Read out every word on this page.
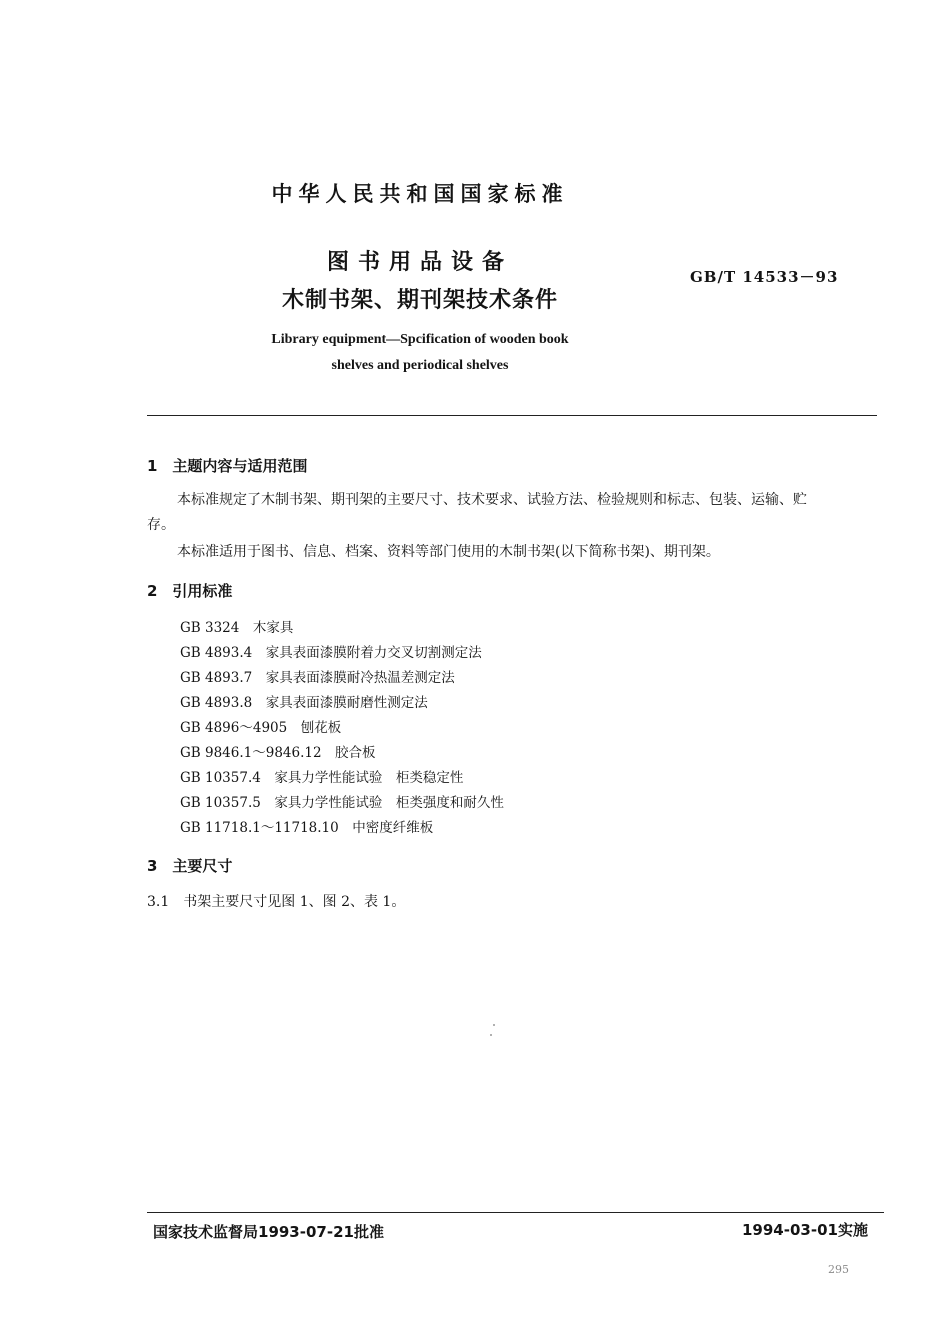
中华人民共和国国家标准
图书用品设备
木制书架、期刊架技术条件
GB/T 14533－93
Library equipment—Spcification of wooden book
shelves and periodical shelves
1　主题内容与适用范围
本标准规定了木制书架、期刊架的主要尺寸、技术要求、试验方法、检验规则和标志、包装、运输、贮
存。
本标准适用于图书、信息、档案、资料等部门使用的木制书架(以下简称书架)、期刊架。
2　引用标准
GB 3324　木家具
GB 4893.4　家具表面漆膜附着力交叉切割测定法
GB 4893.7　家具表面漆膜耐冷热温差测定法
GB 4893.8　家具表面漆膜耐磨性测定法
GB 4896～4905　刨花板
GB 9846.1～9846.12　胶合板
GB 10357.4　家具力学性能试验　柜类稳定性
GB 10357.5　家具力学性能试验　柜类强度和耐久性
GB 11718.1～11718.10　中密度纤维板
3　主要尺寸
3.1　书架主要尺寸见图 1、图 2、表 1。
国家技术监督局1993-07-21批准	1994-03-01实施
295
